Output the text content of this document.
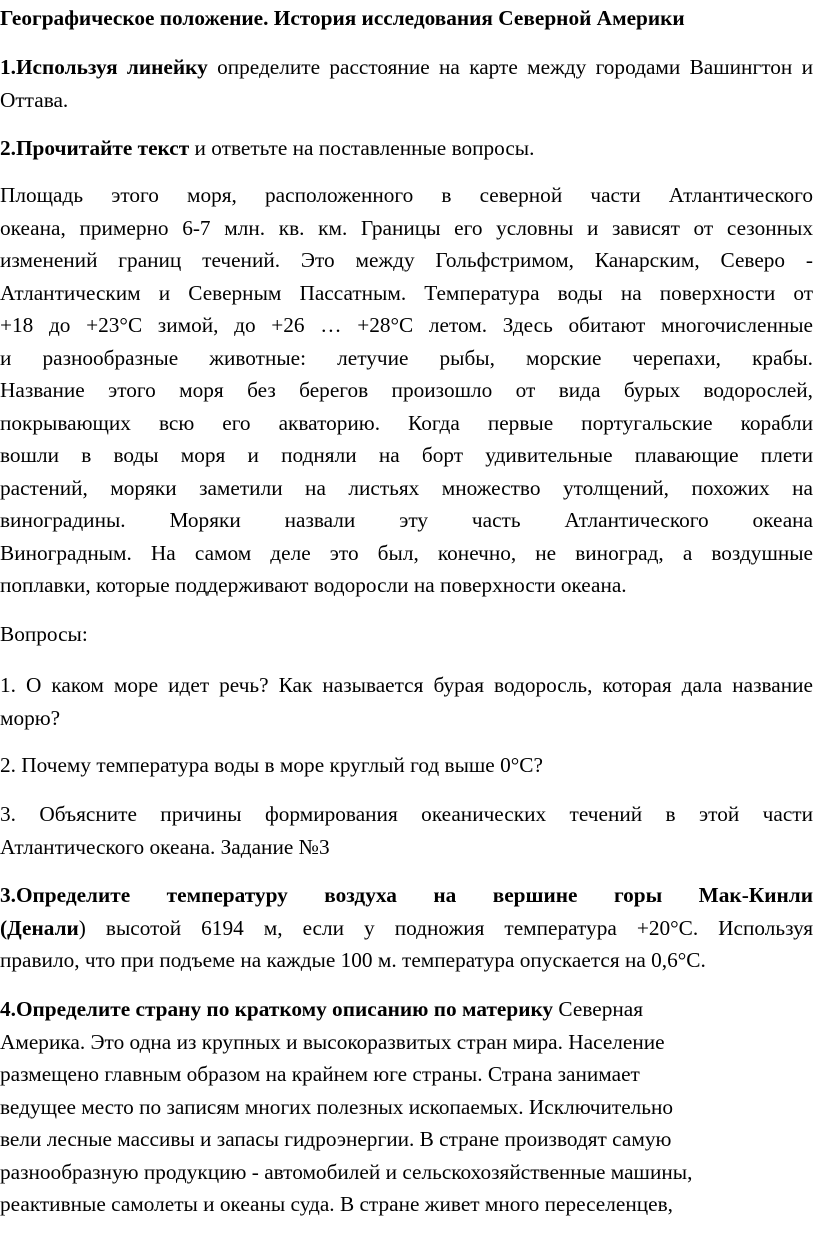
Географическое положение. История исследования Северной Америки
1.Используя линейку определите расстояние на карте между городами Вашингтон и Оттава.
2.Прочитайте текст и ответьте на поставленные вопросы.
Площадь этого моря, расположенного в северной части Атлантического
океана, примерно 6-7 млн. кв. км. Границы его условны и зависят от сезонных
изменений границ течений. Это между Гольфстримом, Канарским, Северо -
Атлантическим и Северным Пассатным. Температура воды на поверхности от
+18 до +23°С зимой, до +26 … +28°С летом. Здесь обитают многочисленные
и разнообразные животные: летучие рыбы, морские черепахи, крабы.
Название этого моря без берегов произошло от вида бурых водорослей,
покрывающих всю его акваторию. Когда первые португальские корабли
вошли в воды моря и подняли на борт удивительные плавающие плети
растений, моряки заметили на листьях множество утолщений, похожих на
виноградины. Моряки назвали эту часть Атлантического океана
Виноградным. На самом деле это был, конечно, не виноград, а воздушные
поплавки, которые поддерживают водоросли на поверхности океана.
Вопросы:
1. О каком море идет речь? Как называется бурая водоросль, которая дала название морю?
2. Почему температура воды в море круглый год выше 0°С?
3. Объясните причины формирования океанических течений в этой части Атлантического океана. Задание №3
3.Определите температуру воздуха на вершине горы Мак-Кинли
(Денали) высотой 6194 м, если у подножия температура +20°С. Используя
правило, что при подъеме на каждые 100 м. температура опускается на 0,6°С.
4.Определите страну по краткому описанию по материку Северная
Америка. Это одна из крупных и высокоразвитых стран мира. Население
размещено главным образом на крайнем юге страны. Страна занимает
ведущее место по записям многих полезных ископаемых. Исключительно
вели лесные массивы и запасы гидроэнергии. В стране производят самую
разнообразную продукцию - автомобилей и сельскохозяйственные машины,
реактивные самолеты и океаны суда. В стране живет много переселенцев,
